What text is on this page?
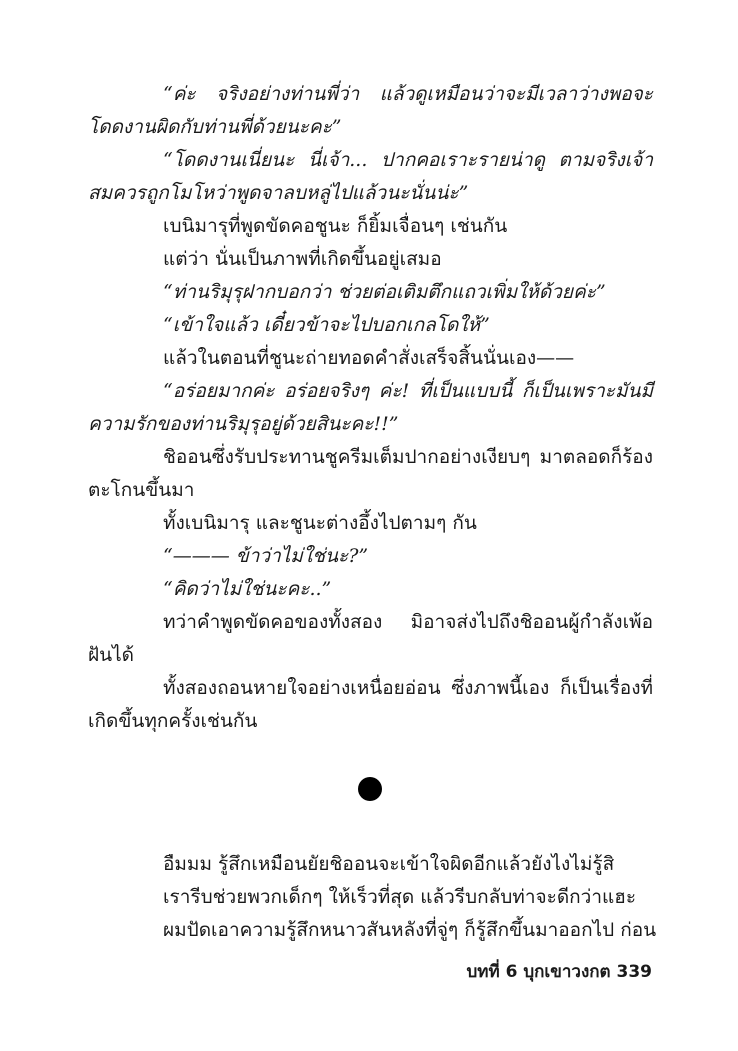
“ค่ะ จริงอย่างท่านพี่ว่า แล้วดูเหมือนว่าจะมีเวลาว่างพอจะโดดงานผิดกับท่านพี่ด้วยนะคะ”

“โดดงานเนี่ยนะ นี่เจ้า... ปากคอเราะรายน่าดู ตามจริงเจ้าสมควรถูกโมโหว่าพูดจาลบหลู่ไปแล้วนะนั่นน่ะ”

เบนิมารุที่พูดขัดคอชูนะ ก็ยิ้มเจื่อนๆ เช่นกัน

แต่ว่า นั่นเป็นภาพที่เกิดขึ้นอยู่เสมอ

“ท่านริมุรุฝากบอกว่า ช่วยต่อเติมตึกแถวเพิ่มให้ด้วยค่ะ”

“เข้าใจแล้ว เดี๋ยวข้าจะไปบอกเกลโดให้”

แล้วในตอนที่ชูนะถ่ายทอดคำสั่งเสร็จสิ้นนั่นเอง——

“อร่อยมากค่ะ อร่อยจริงๆ ค่ะ! ที่เป็นแบบนี้ ก็เป็นเพราะมันมีความรักของท่านริมุรุอยู่ด้วยสินะคะ!!”

ชิออนซึ่งรับประทานชูครีมเต็มปากอย่างเงียบๆ มาตลอดก็ร้องตะโกนขึ้นมา

ทั้งเบนิมารุ และชูนะต่างอึ้งไปตามๆ กัน

“——— ข้าว่าไม่ใช่นะ?”

“คิดว่าไม่ใช่นะคะ..”

ทว่าคำพูดขัดคอของทั้งสอง มิอาจส่งไปถึงชิออนผู้กำลังเพ้อฝันได้

ทั้งสองถอนหายใจอย่างเหนื่อยอ่อน ซึ่งภาพนี้เอง ก็เป็นเรื่องที่เกิดขึ้นทุกครั้งเช่นกัน

อืมมม รู้สึกเหมือนยัยชิออนจะเข้าใจผิดอีกแล้วยังไงไม่รู้สิ

เรารีบช่วยพวกเด็กๆ ให้เร็วที่สุด แล้วรีบกลับท่าจะดีกว่าแฮะ

ผมปัดเอาความรู้สึกหนาวสันหลังที่จู่ๆ ก็รู้สึกขึ้นมาออกไป ก่อน

บทที่ 6 บุกเขาวงกต 339
